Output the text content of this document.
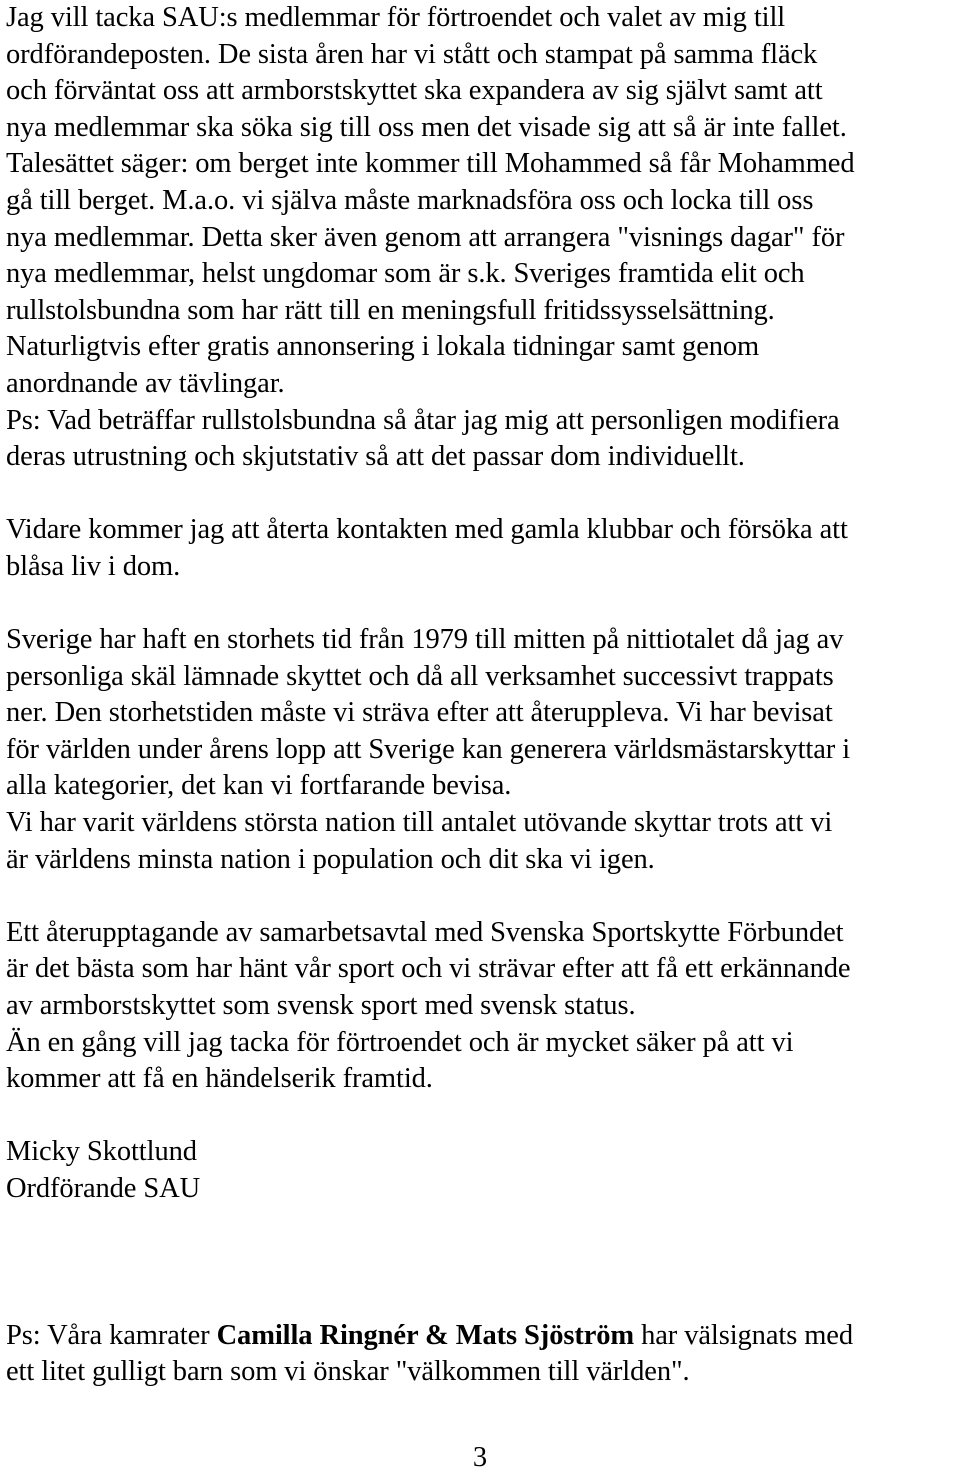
Jag vill tacka SAU:s medlemmar för förtroendet och valet av mig till
ordförandeposten. De sista åren har vi stått och stampat på samma fläck
och förväntat oss att armborstskyttet ska expandera av sig självt samt att
nya medlemmar ska söka sig till oss men det visade sig att så är inte fallet.
Talesättet säger: om berget inte kommer till Mohammed så får Mohammed
gå till berget. M.a.o. vi själva måste marknadsföra oss och locka till oss
nya medlemmar. Detta sker även genom att arrangera "visnings dagar" för
nya medlemmar, helst ungdomar som är s.k. Sveriges framtida elit och
rullstolsbundna som har rätt till en meningsfull fritidssysselsättning.
Naturligtvis efter gratis annonsering i lokala tidningar samt genom
anordnande av tävlingar.
Ps: Vad beträffar rullstolsbundna så åtar jag mig att personligen modifiera
deras utrustning och skjutstativ så att det passar dom individuellt.
Vidare kommer jag att återta kontakten med gamla klubbar och försöka att
blåsa liv i dom.
Sverige har haft en storhets tid från 1979 till mitten på nittiotalet då jag av
personliga skäl lämnade skyttet och då all verksamhet successivt trappats
ner. Den storhetstiden måste vi sträva efter att återuppleva. Vi har bevisat
för världen under årens lopp att Sverige kan generera världsmästarskyttar i
alla kategorier, det kan vi fortfarande bevisa.
Vi har varit världens största nation till antalet utövande skyttar trots att vi
är världens minsta nation i population och dit ska vi igen.
Ett återupptagande av samarbetsavtal med Svenska Sportskytte Förbundet
är det bästa som har hänt vår sport och vi strävar efter att få ett erkännande
av armborstskyttet som svensk sport med svensk status.
Än en gång vill jag tacka för förtroendet och är mycket säker på att vi
kommer att få en händelserik framtid.
Micky Skottlund
Ordförande SAU
Ps: Våra kamrater Camilla Ringnér & Mats Sjöström har välsignats med
ett litet gulligt barn som vi önskar "välkommen till världen".
3
